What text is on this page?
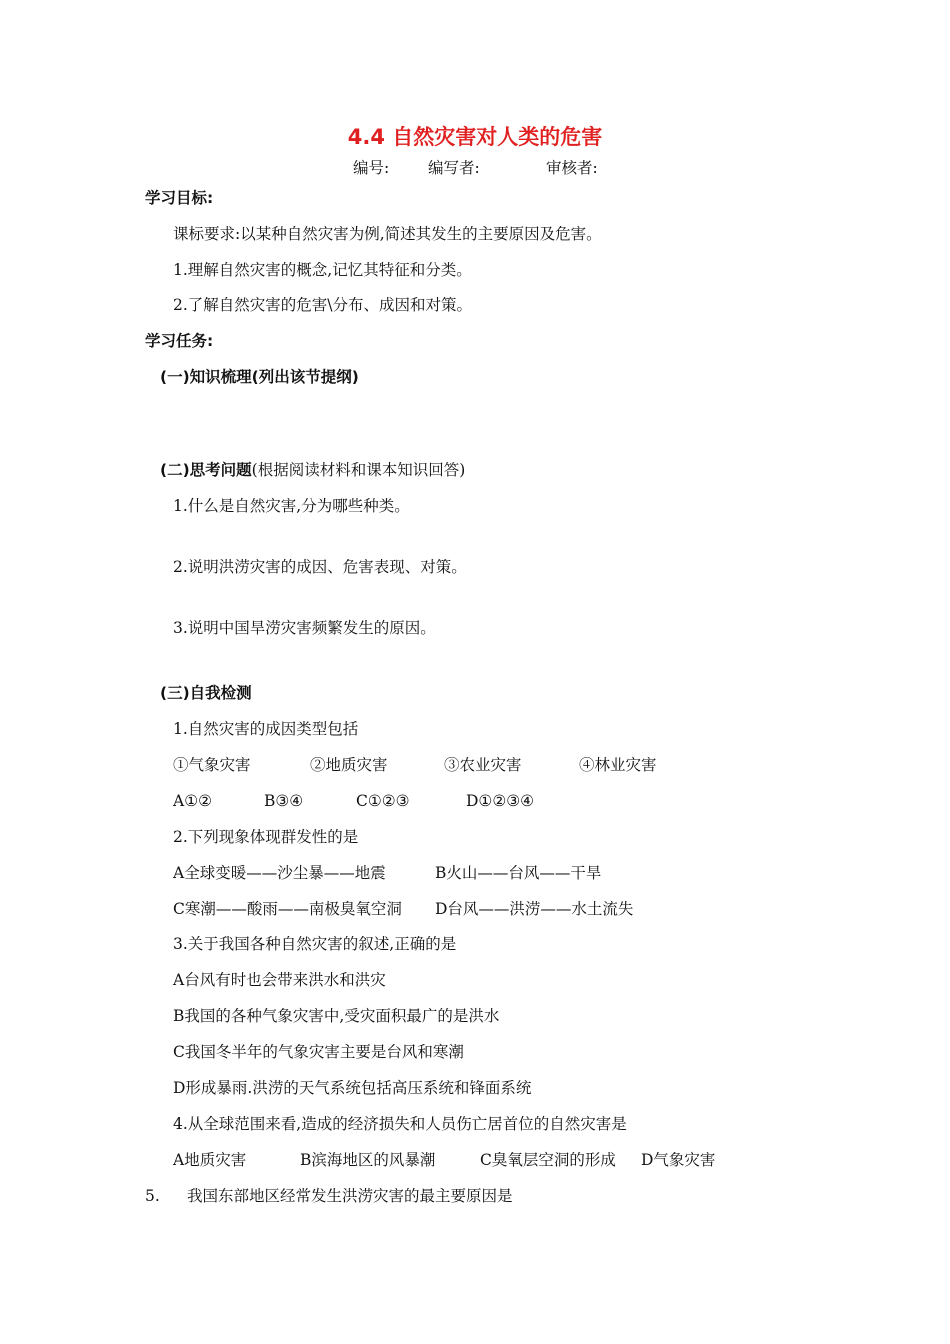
4.4 自然灾害对人类的危害
编号:	编写者:	审核者:
学习目标:
课标要求:以某种自然灾害为例,简述其发生的主要原因及危害。
1.理解自然灾害的概念,记忆其特征和分类。
2.了解自然灾害的危害\分布、成因和对策。
学习任务:
(一)知识梳理(列出该节提纲)
(二)思考问题(根据阅读材料和课本知识回答)
1.什么是自然灾害,分为哪些种类。
2.说明洪涝灾害的成因、危害表现、对策。
3.说明中国旱涝灾害频繁发生的原因。
(三)自我检测
1.自然灾害的成因类型包括
①气象灾害	②地质灾害	③农业灾害	④林业灾害
A①②	B③④	C①②③	D①②③④
2.下列现象体现群发性的是
A全球变暖——沙尘暴——地震	B火山——台风——干旱
C寒潮——酸雨——南极臭氧空洞 D台风——洪涝——水土流失
3.关于我国各种自然灾害的叙述,正确的是
A台风有时也会带来洪水和洪灾
B我国的各种气象灾害中,受灾面积最广的是洪水
C我国冬半年的气象灾害主要是台风和寒潮
D形成暴雨.洪涝的天气系统包括高压系统和锋面系统
4.从全球范围来看,造成的经济损失和人员伤亡居首位的自然灾害是
A地质灾害	B滨海地区的风暴潮	C臭氧层空洞的形成 D气象灾害
5. 我国东部地区经常发生洪涝灾害的最主要原因是
